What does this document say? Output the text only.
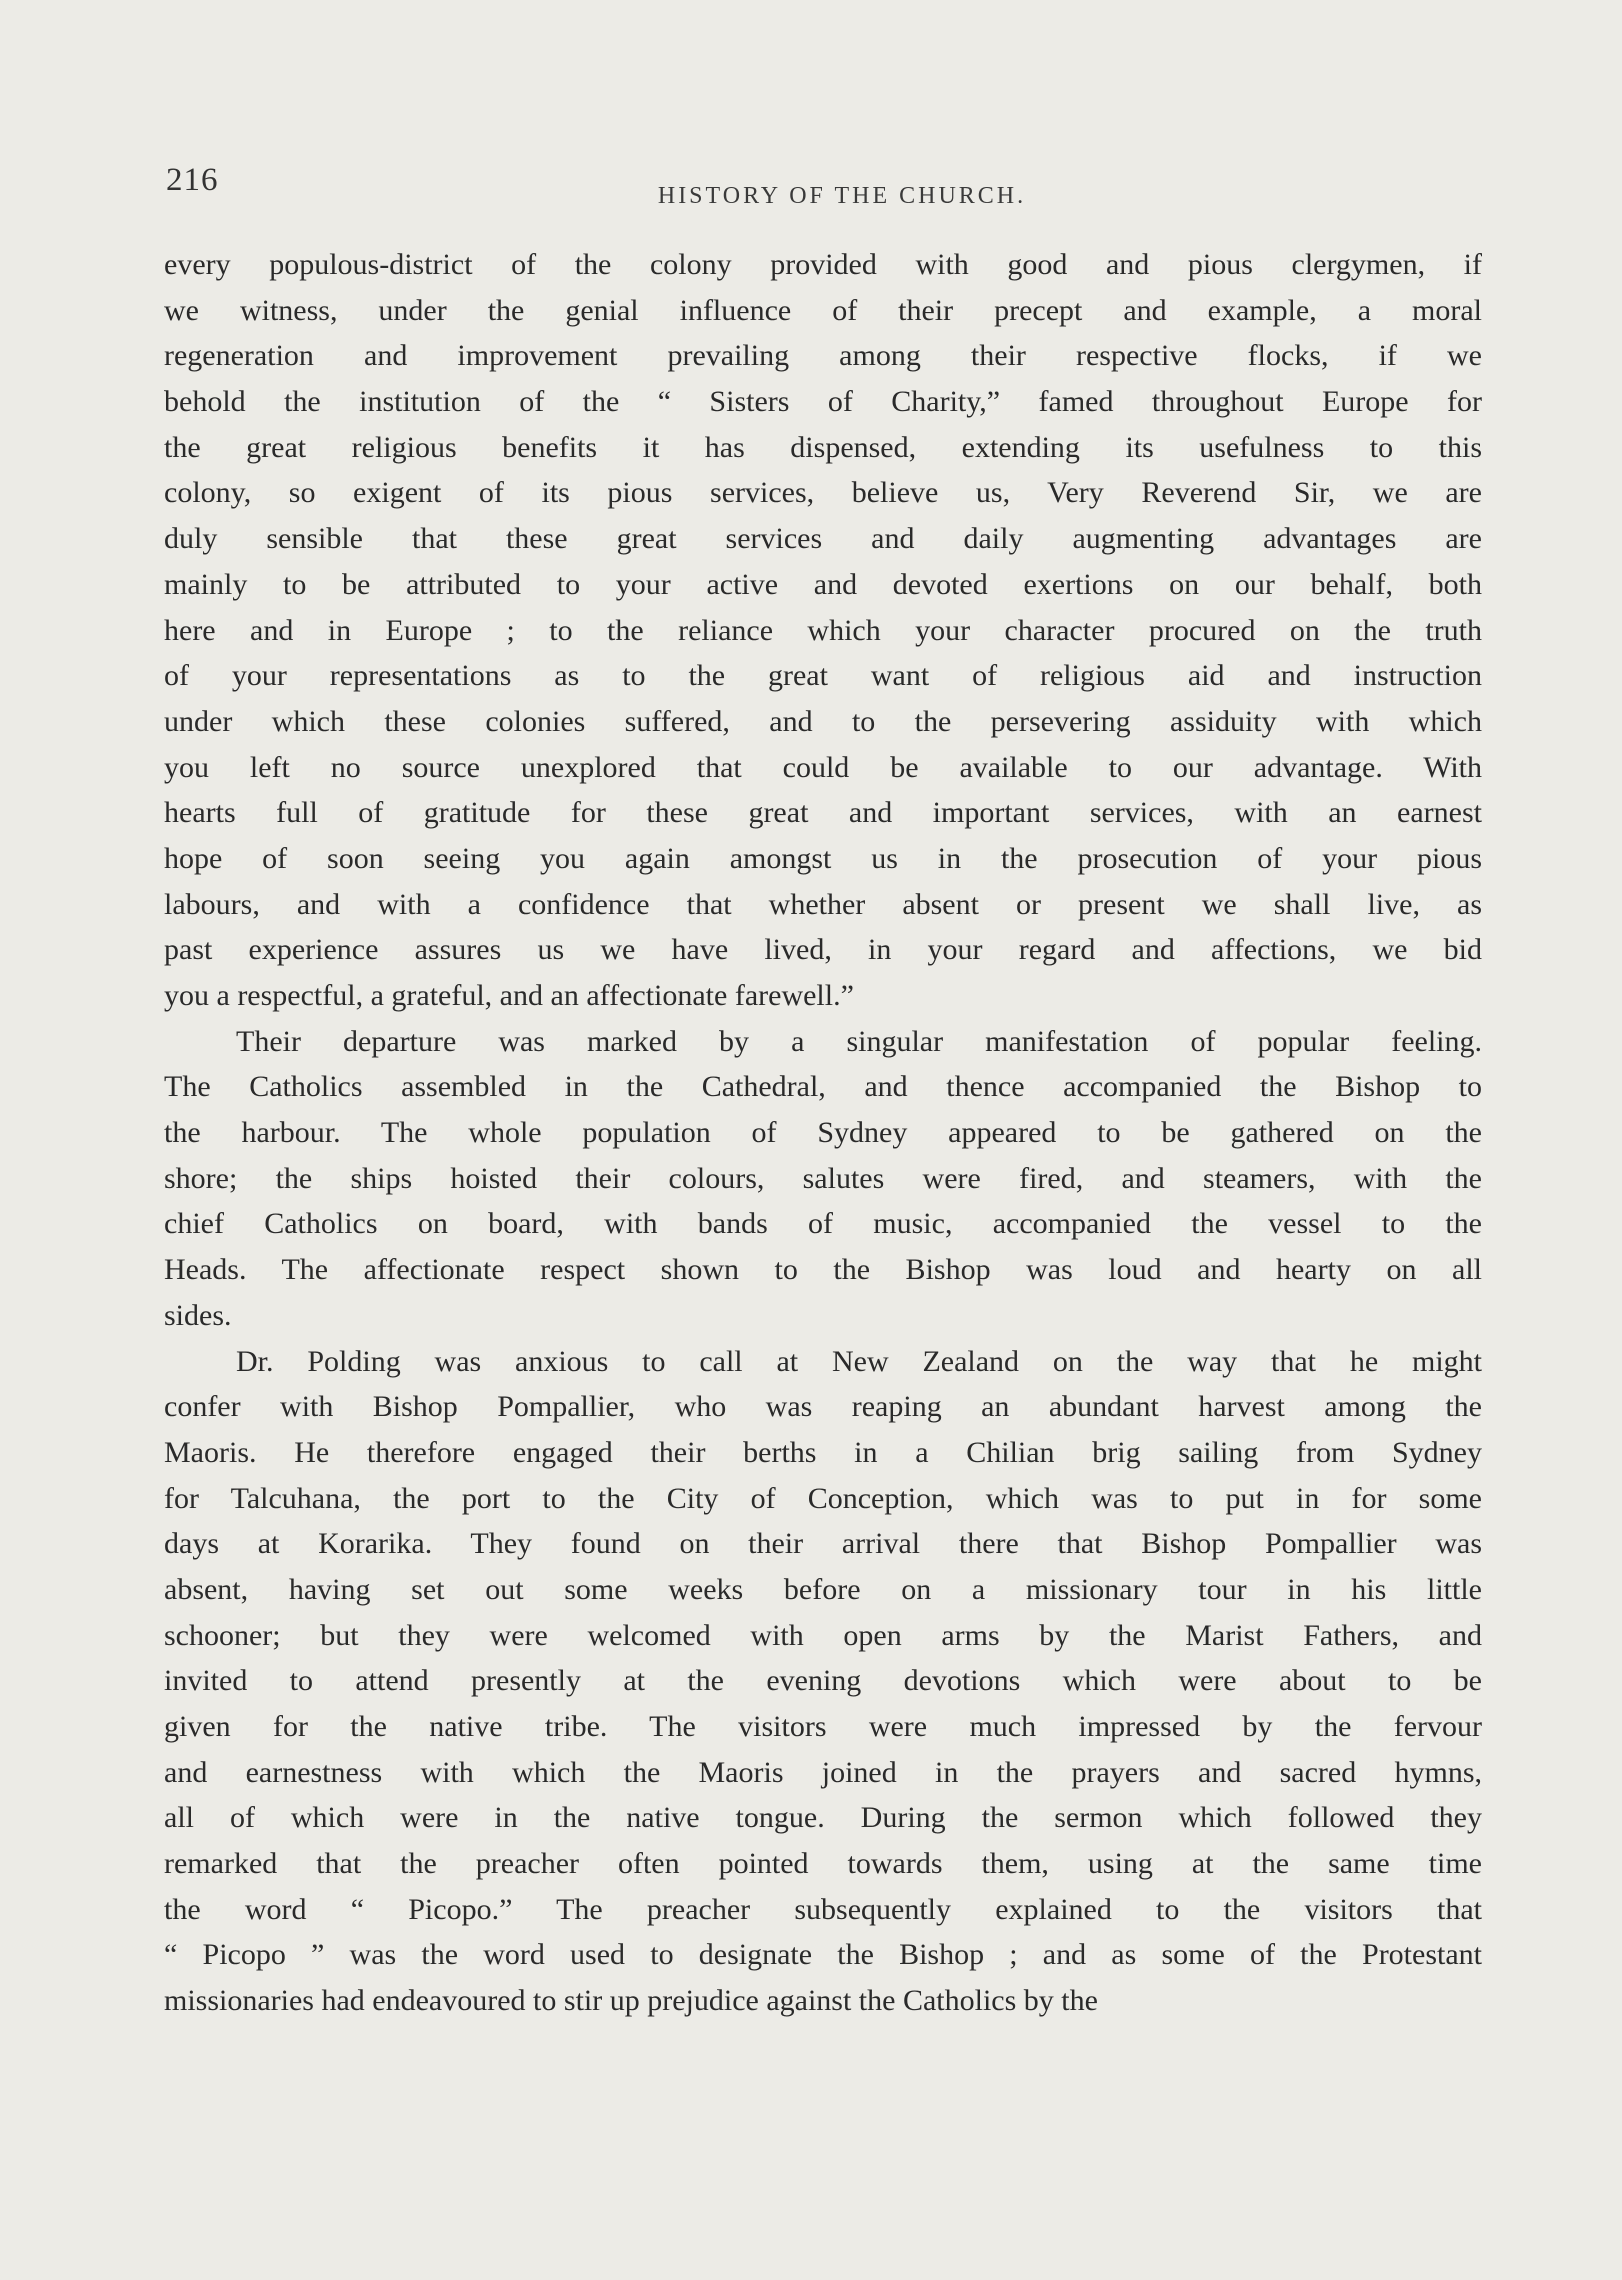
216	HISTORY OF THE CHURCH.
every populous-district of the colony provided with good and pious clergymen, if
we witness, under the genial influence of their precept and example, a moral
regeneration and improvement prevailing among their respective flocks, if we
behold the institution of the “ Sisters of Charity,” famed throughout Europe for
the great religious benefits it has dispensed, extending its usefulness to this
colony, so exigent of its pious services, believe us, Very Reverend Sir, we are
duly sensible that these great services and daily augmenting advantages are
mainly to be attributed to your active and devoted exertions on our behalf, both
here and in Europe ; to the reliance which your character procured on the truth
of your representations as to the great want of religious aid and instruction
under which these colonies suffered, and to the persevering assiduity with which
you left no source unexplored that could be available to our advantage. With
hearts full of gratitude for these great and important services, with an earnest
hope of soon seeing you again amongst us in the prosecution of your pious
labours, and with a confidence that whether absent or present we shall live, as
past experience assures us we have lived, in your regard and affections, we bid
you a respectful, a grateful, and an affectionate farewell.”
Their departure was marked by a singular manifestation of popular feeling.
The Catholics assembled in the Cathedral, and thence accompanied the Bishop to
the harbour. The whole population of Sydney appeared to be gathered on the
shore; the ships hoisted their colours, salutes were fired, and steamers, with the
chief Catholics on board, with bands of music, accompanied the vessel to the
Heads. The affectionate respect shown to the Bishop was loud and hearty on all
sides.
Dr. Polding was anxious to call at New Zealand on the way that he might
confer with Bishop Pompallier, who was reaping an abundant harvest among the
Maoris. He therefore engaged their berths in a Chilian brig sailing from Sydney
for Talcuhana, the port to the City of Conception, which was to put in for some
days at Korarika. They found on their arrival there that Bishop Pompallier was
absent, having set out some weeks before on a missionary tour in his little
schooner; but they were welcomed with open arms by the Marist Fathers, and
invited to attend presently at the evening devotions which were about to be
given for the native tribe. The visitors were much impressed by the fervour
and earnestness with which the Maoris joined in the prayers and sacred hymns,
all of which were in the native tongue. During the sermon which followed they
remarked that the preacher often pointed towards them, using at the same time
the word “ Picopo.” The preacher subsequently explained to the visitors that
“ Picopo ” was the word used to designate the Bishop ; and as some of the Protestant
missionaries had endeavoured to stir up prejudice against the Catholics by the
